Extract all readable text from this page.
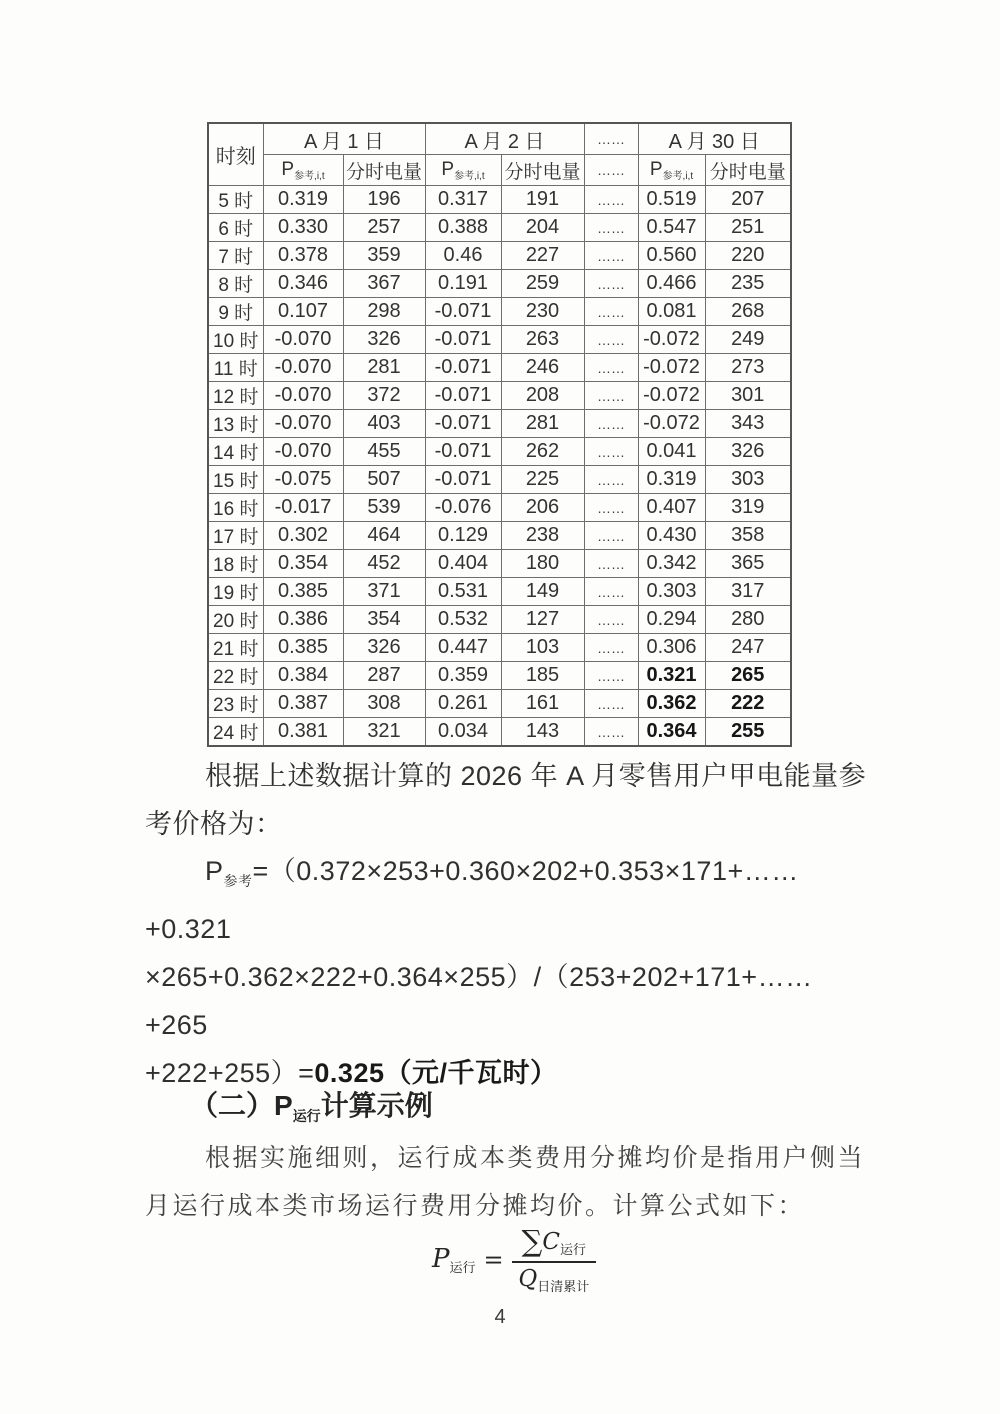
时刻	A 月 1 日		A 月 2 日		……	A 月 30 日	
	$P_{参考,i,t}$	分时电量	$P_{参考,i,t}$	分时电量	……	$P_{参考,i,t}$	分时电量
5 时	0.319	196	0.317	191	……	0.519	207
6 时	0.330	257	0.388	204	……	0.547	251
7 时	0.378	359	0.46	227	……	0.560	220
8 时	0.346	367	0.191	259	……	0.466	235
9 时	0.107	298	-0.071	230	……	0.081	268
10 时	-0.070	326	-0.071	263	……	-0.072	249
11 时	-0.070	281	-0.071	246	……	-0.072	273
12 时	-0.070	372	-0.071	208	……	-0.072	301
13 时	-0.070	403	-0.071	281	……	-0.072	343
14 时	-0.070	455	-0.071	262	……	0.041	326
15 时	-0.075	507	-0.071	225	……	0.319	303
16 时	-0.017	539	-0.076	206	……	0.407	319
17 时	0.302	464	0.129	238	……	0.430	358
18 时	0.354	452	0.404	180	……	0.342	365
19 时	0.385	371	0.531	149	……	0.303	317
20 时	0.386	354	0.532	127	……	0.294	280
21 时	0.385	326	0.447	103	……	0.306	247
22 时	0.384	287	0.359	185	……	0.321	265
23 时	0.387	308	0.261	161	……	0.362	222
24 时	0.381	321	0.034	143	……	0.364	255
根据上述数据计算的 2026 年 A 月零售用户甲电能量参
考价格为：
$P_{参考}=(0.372\times 253+0.360\times 202+0.353\times 171+\dots\dots$
+0.321
×265+0.362×222+0.364×255）/（253+202+171+……
+265
+222+255）=0.325（元/千瓦时）
（二）$P_{运行}$计算示例
根据实施细则，运行成本类费用分摊均价是指用户侧当
月运行成本类市场运行费用分摊均价。计算公式如下：
$P_{运行} = \frac{\sum C_{运行}}{Q_{日清累计}}$
4
